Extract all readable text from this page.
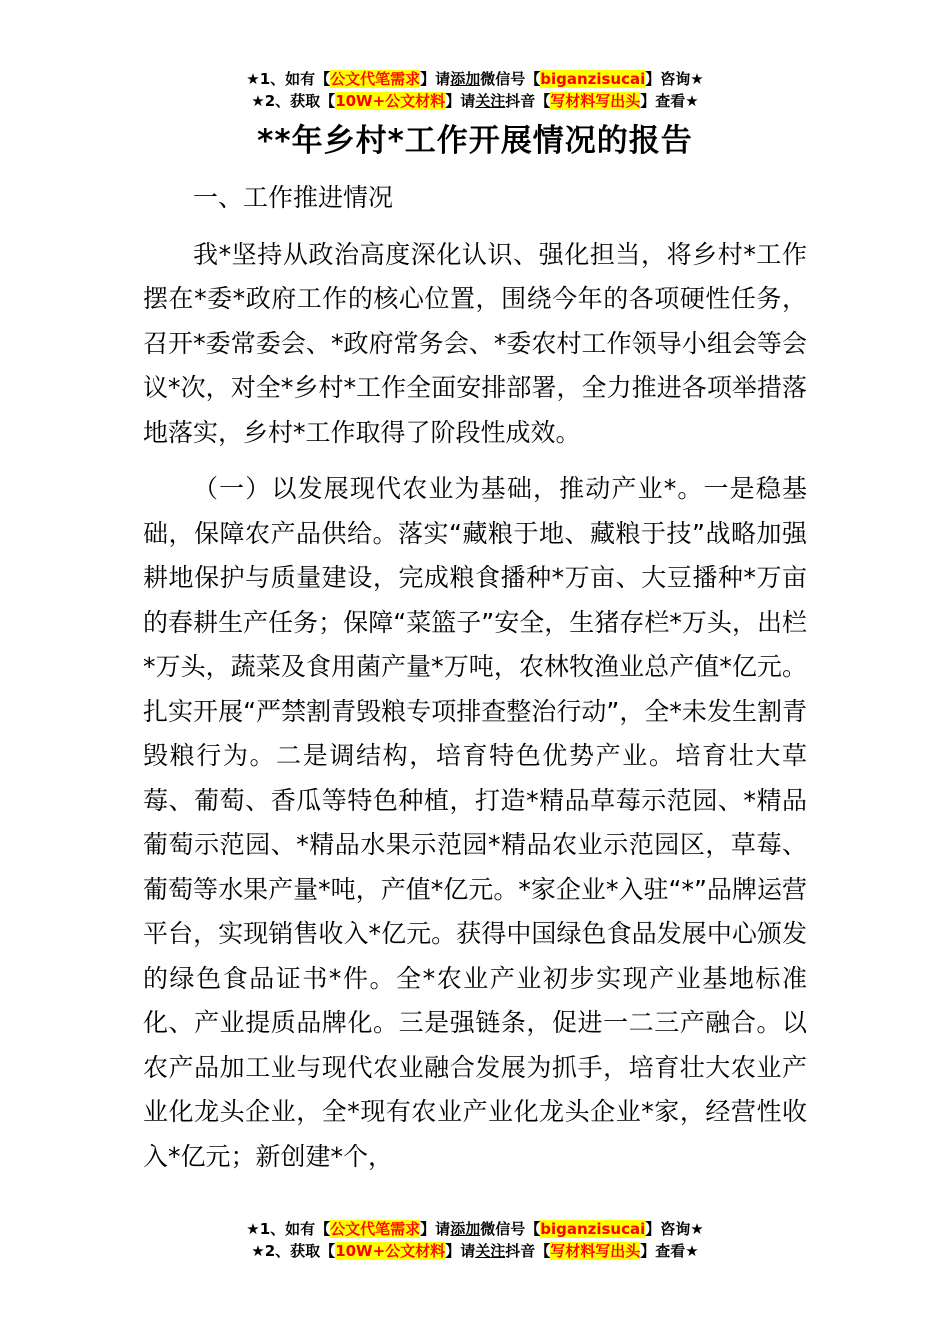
★1、如有【公文代笔需求】请添加微信号【biganzisucai】咨询★
★2、获取【10W+公文材料】请关注抖音【写材料写出头】查看★
**年乡村*工作开展情况的报告

一、工作推进情况

我*坚持从政治高度深化认识、强化担当，将乡村*工作摆在*委*政府工作的核心位置，围绕今年的各项硬性任务，召开*委常委会、*政府常务会、*委农村工作领导小组会等会议*次，对全*乡村*工作全面安排部署，全力推进各项举措落地落实，乡村*工作取得了阶段性成效。

（一）以发展现代农业为基础，推动产业*。一是稳基础，保障农产品供给。落实“藏粮于地、藏粮于技”战略加强耕地保护与质量建设，完成粮食播种*万亩、大豆播种*万亩的春耕生产任务；保障“菜篮子”安全，生猪存栏*万头，出栏*万头，蔬菜及食用菌产量*万吨，农林牧渔业总产值*亿元。扎实开展“严禁割青毁粮专项排查整治行动”，全*未发生割青毁粮行为。二是调结构，培育特色优势产业。培育壮大草莓、葡萄、香瓜等特色种植，打造*精品草莓示范园、*精品葡萄示范园、*精品水果示范园*精品农业示范园区，草莓、葡萄等水果产量*吨，产值*亿元。*家企业*入驻“*”品牌运营平台，实现销售收入*亿元。获得中国绿色食品发展中心颁发的绿色食品证书*件。全*农业产业初步实现产业基地标准化、产业提质品牌化。三是强链条，促进一二三产融合。以农产品加工业与现代农业融合发展为抓手，培育壮大农业产业化龙头企业，全*现有农业产业化龙头企业*家，经营性收入*亿元；新创建*个，

★1、如有【公文代笔需求】请添加微信号【biganzisucai】咨询★
★2、获取【10W+公文材料】请关注抖音【写材料写出头】查看★
